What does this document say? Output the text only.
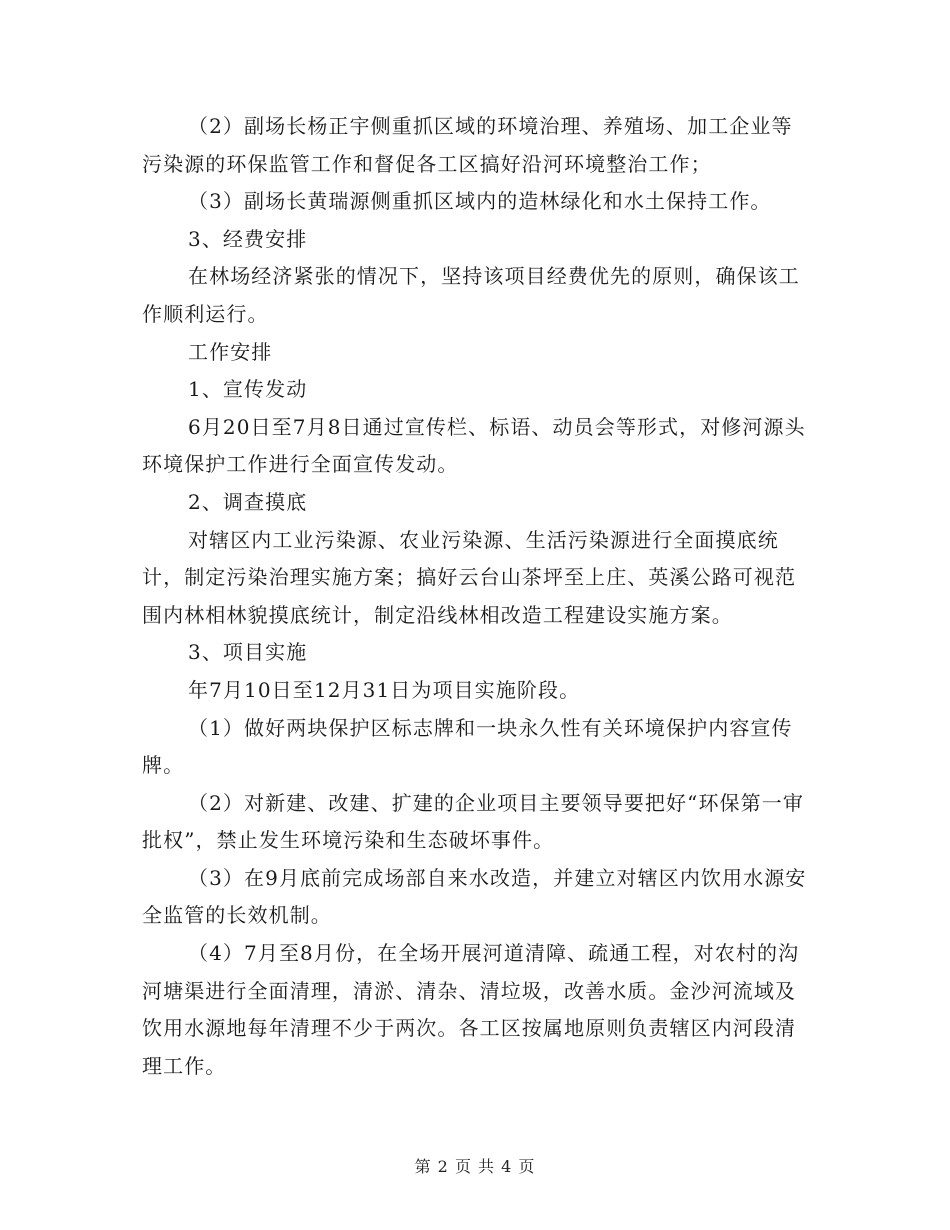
（2）副场长杨正宇侧重抓区域的环境治理、养殖场、加工企业等污染源的环保监管工作和督促各工区搞好沿河环境整治工作；

（3）副场长黄瑞源侧重抓区域内的造林绿化和水土保持工作。

3、经费安排

在林场经济紧张的情况下，坚持该项目经费优先的原则，确保该工作顺利运行。

工作安排

1、宣传发动

6月20日至7月8日通过宣传栏、标语、动员会等形式，对修河源头环境保护工作进行全面宣传发动。

2、调查摸底

对辖区内工业污染源、农业污染源、生活污染源进行全面摸底统计，制定污染治理实施方案；搞好云台山茶坪至上庄、英溪公路可视范围内林相林貌摸底统计，制定沿线林相改造工程建设实施方案。

3、项目实施

年7月10日至12月31日为项目实施阶段。

（1）做好两块保护区标志牌和一块永久性有关环境保护内容宣传牌。

（2）对新建、改建、扩建的企业项目主要领导要把好“环保第一审批权”，禁止发生环境污染和生态破坏事件。

（3）在9月底前完成场部自来水改造，并建立对辖区内饮用水源安全监管的长效机制。

（4）7月至8月份，在全场开展河道清障、疏通工程，对农村的沟河塘渠进行全面清理，清淤、清杂、清垃圾，改善水质。金沙河流域及饮用水源地每年清理不少于两次。各工区按属地原则负责辖区内河段清理工作。

第 2 页 共 4 页
